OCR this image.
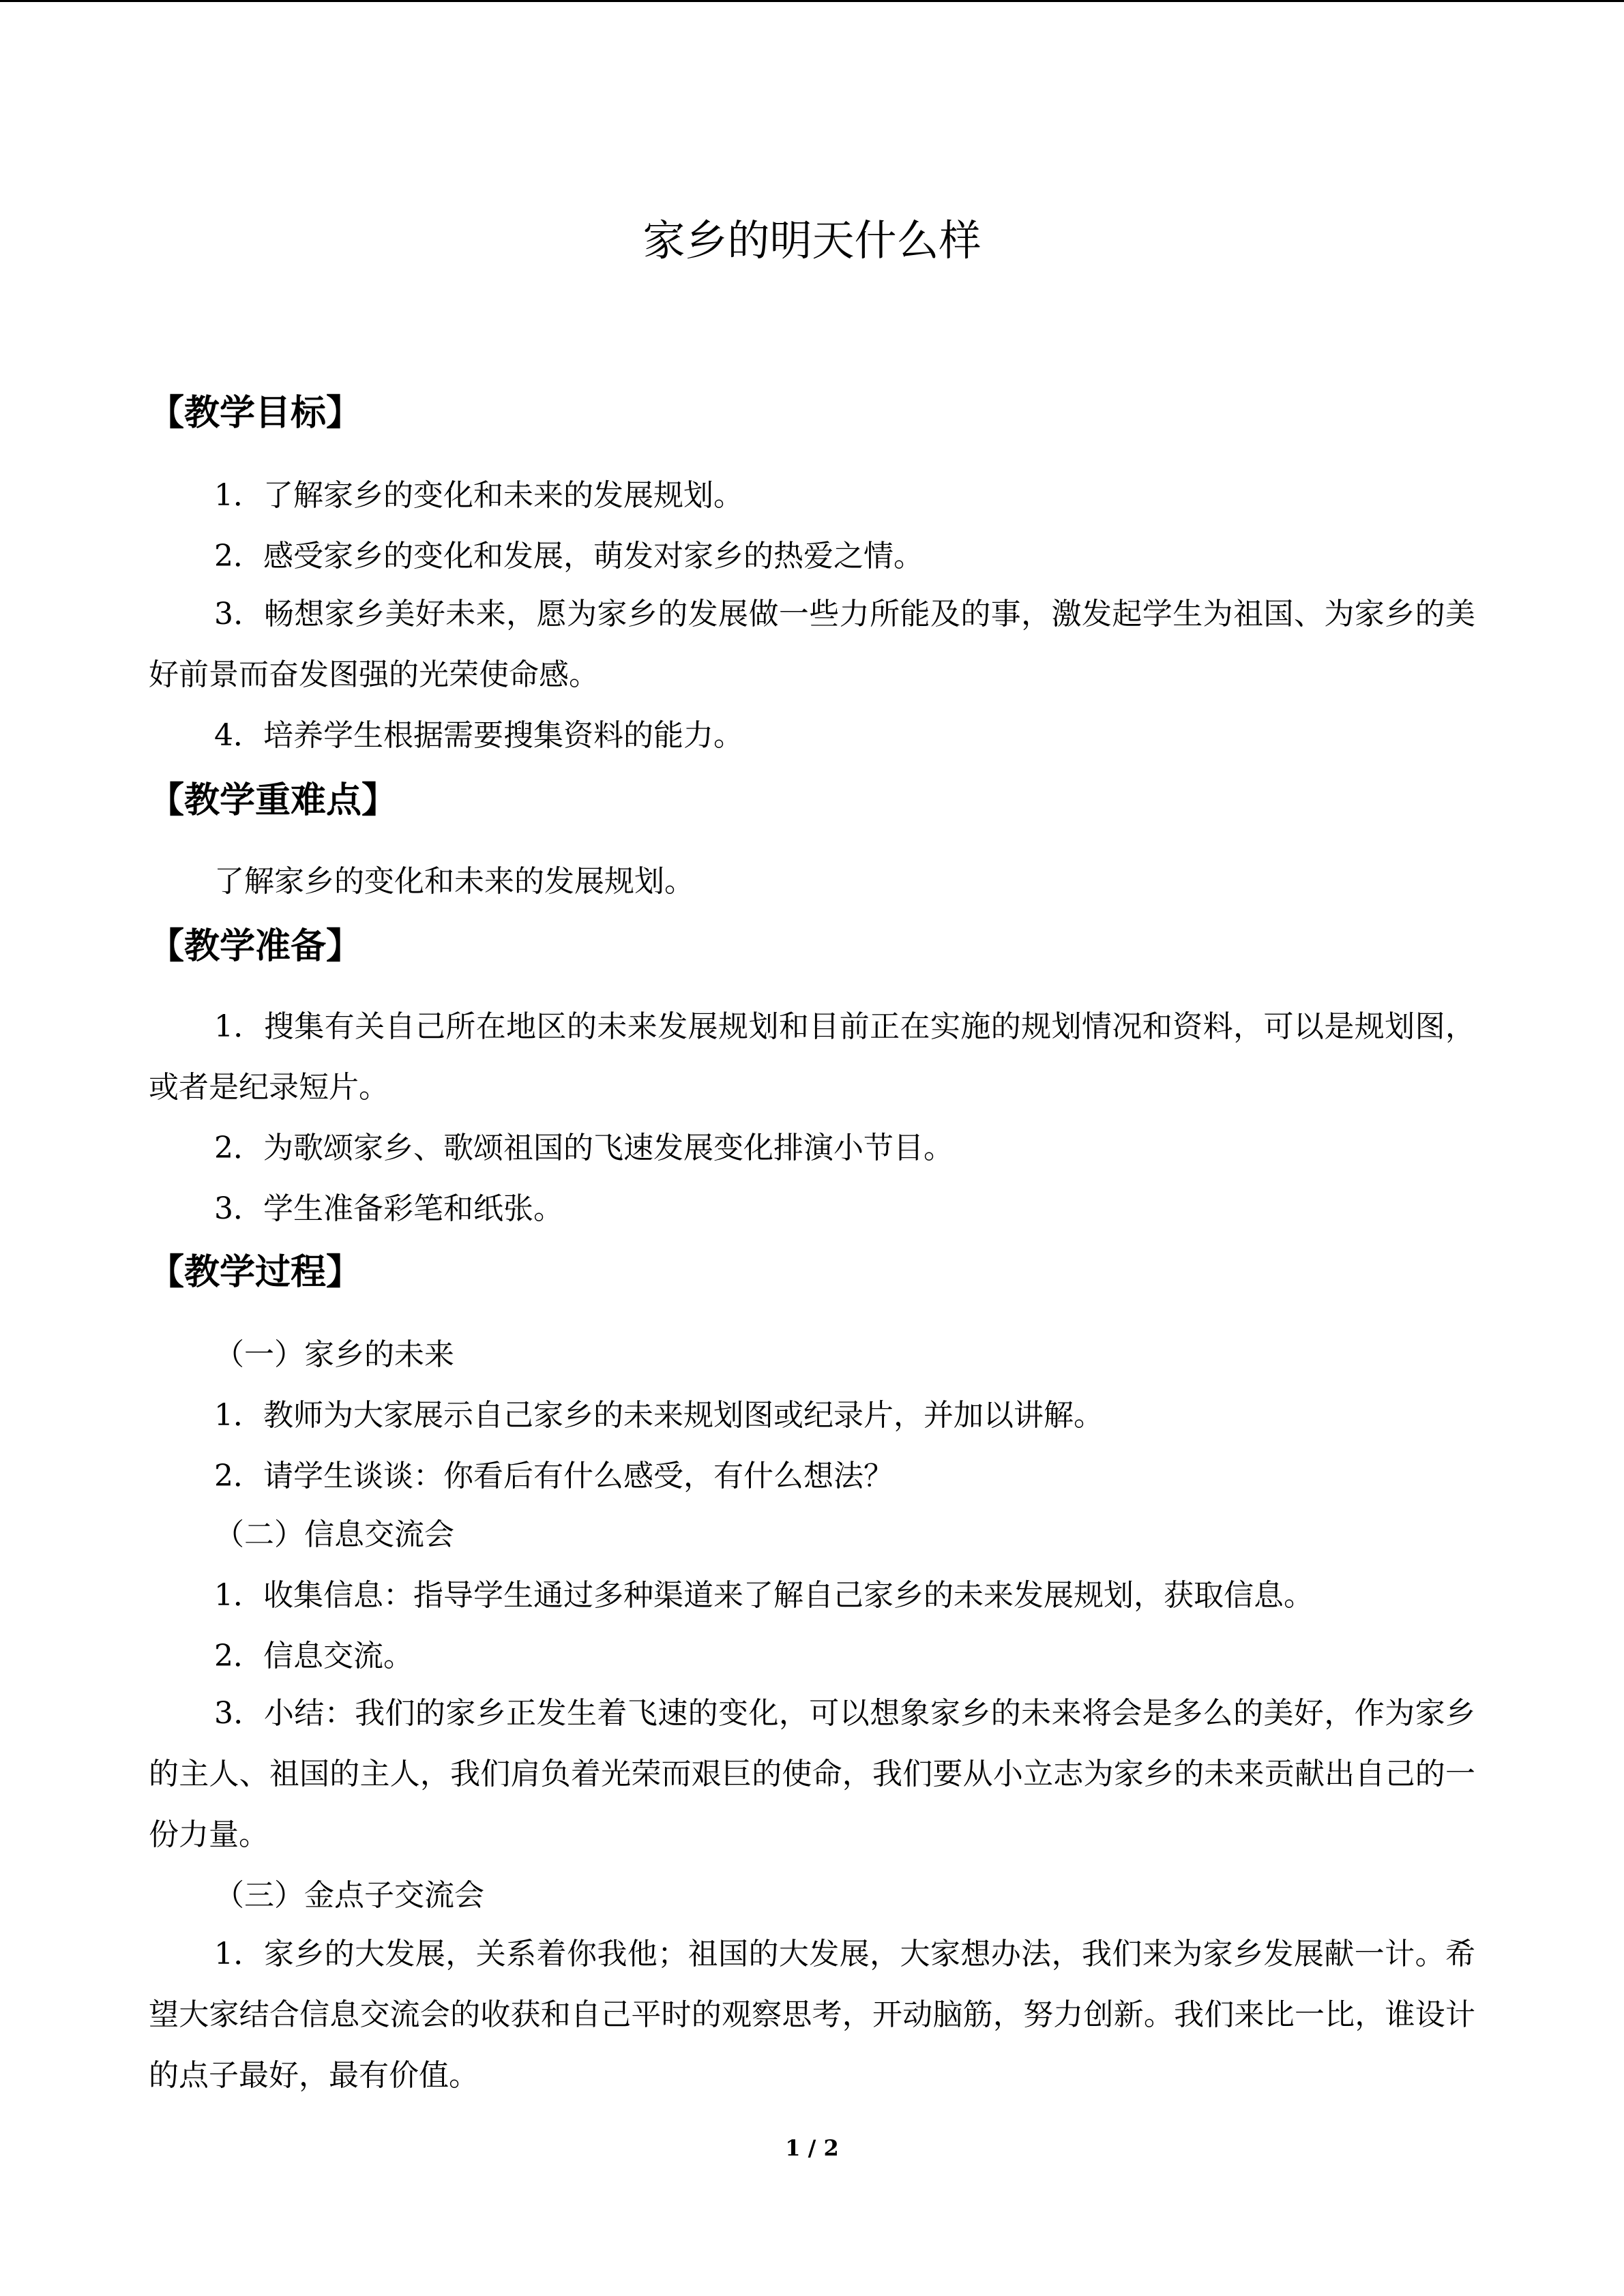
家乡的明天什么样
【教学目标】
1．了解家乡的变化和未来的发展规划。
2．感受家乡的变化和发展，萌发对家乡的热爱之情。
3．畅想家乡美好未来，愿为家乡的发展做一些力所能及的事，激发起学生为祖国、为家乡的美好前景而奋发图强的光荣使命感。
4．培养学生根据需要搜集资料的能力。
【教学重难点】
了解家乡的变化和未来的发展规划。
【教学准备】
1．搜集有关自己所在地区的未来发展规划和目前正在实施的规划情况和资料，可以是规划图，或者是纪录短片。
2．为歌颂家乡、歌颂祖国的飞速发展变化排演小节目。
3．学生准备彩笔和纸张。
【教学过程】
（一）家乡的未来
1．教师为大家展示自己家乡的未来规划图或纪录片，并加以讲解。
2．请学生谈谈：你看后有什么感受，有什么想法？
（二）信息交流会
1．收集信息：指导学生通过多种渠道来了解自己家乡的未来发展规划，获取信息。
2．信息交流。
3．小结：我们的家乡正发生着飞速的变化，可以想象家乡的未来将会是多么的美好，作为家乡的主人、祖国的主人，我们肩负着光荣而艰巨的使命，我们要从小立志为家乡的未来贡献出自己的一份力量。
（三）金点子交流会
1．家乡的大发展，关系着你我他；祖国的大发展，大家想办法，我们来为家乡发展献一计。希望大家结合信息交流会的收获和自己平时的观察思考，开动脑筋，努力创新。我们来比一比，谁设计的点子最好，最有价值。
1 / 2
